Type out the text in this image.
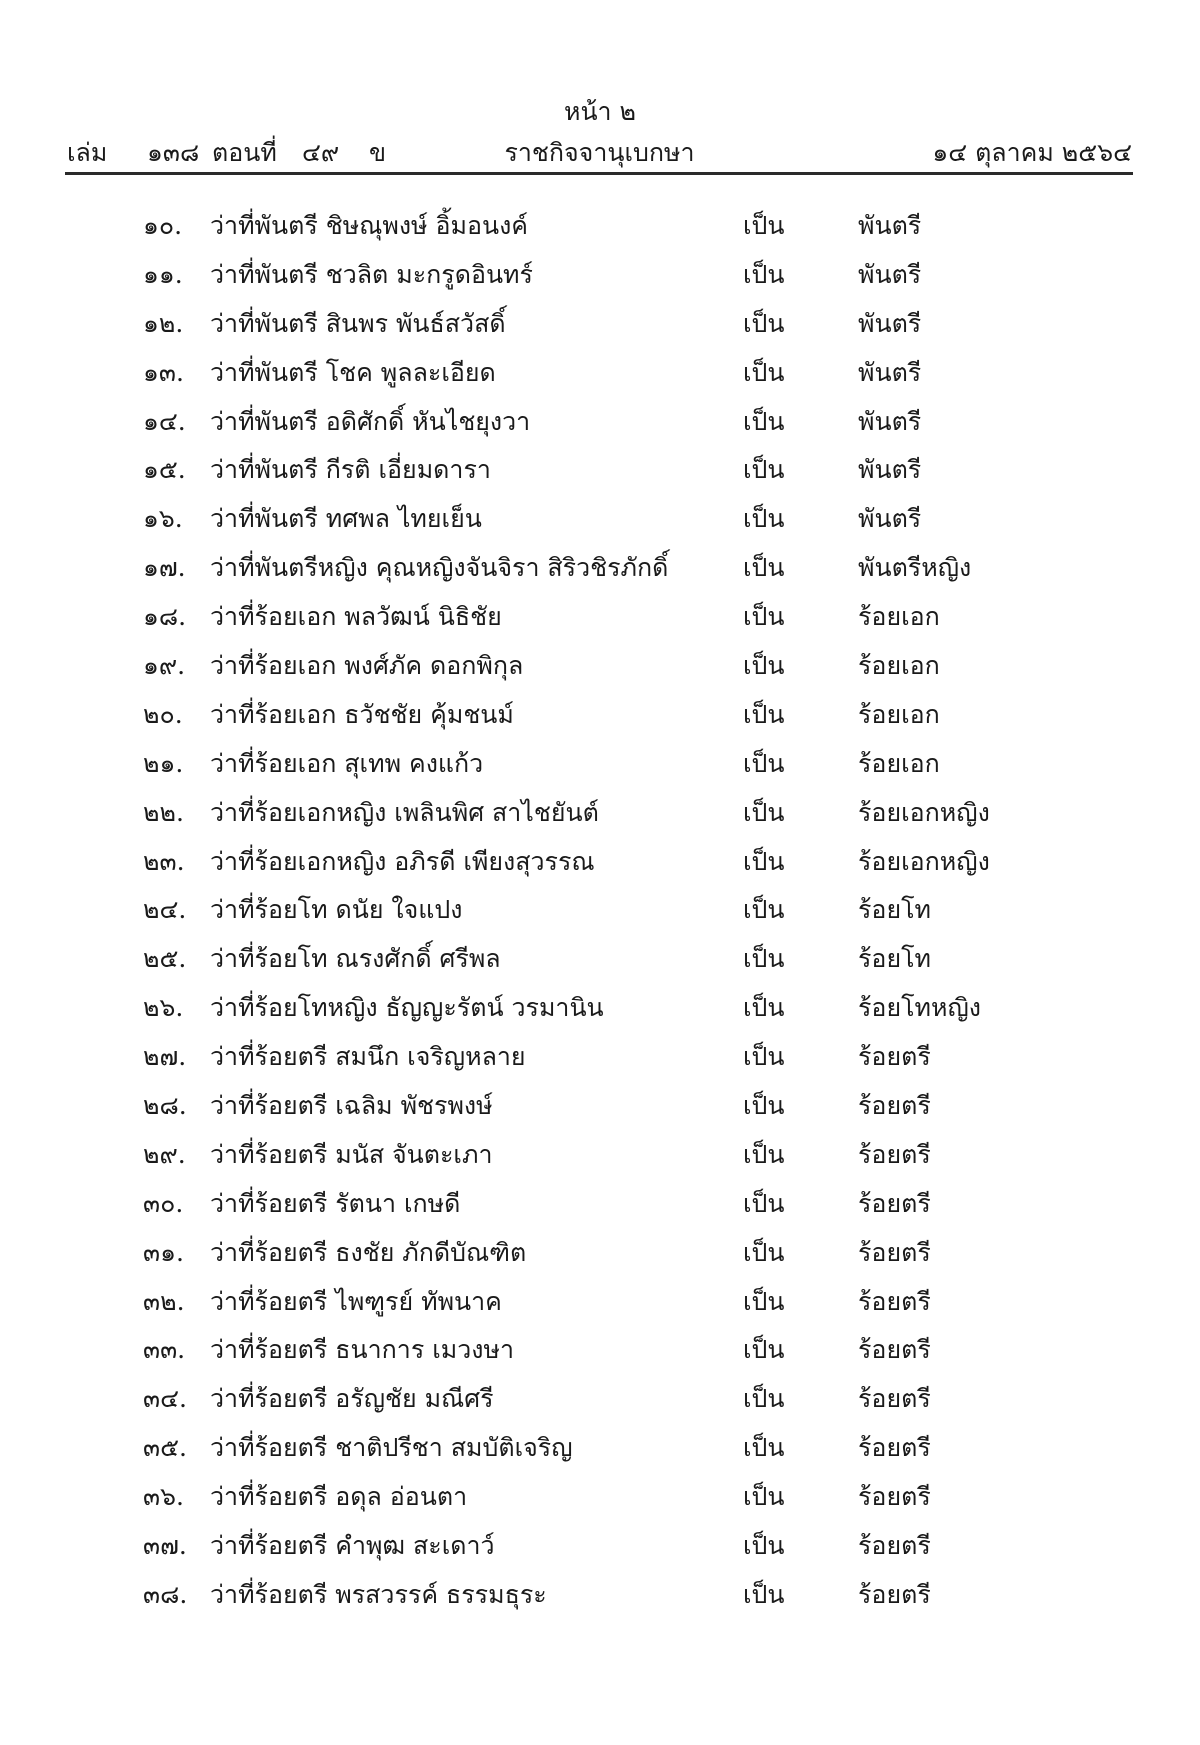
หน้า ๒
ราชกิจจานุเบกษา
เล่ม ๑๓๘ ตอนที่ ๔๙ ข	๑๔ ตุลาคม ๒๕๖๔
๑๐. ว่าที่พันตรี ชิษณุพงษ์ อิ้มอนงค์	เป็น	พันตรี
๑๑. ว่าที่พันตรี ชวลิต มะกรูดอินทร์	เป็น	พันตรี
๑๒. ว่าที่พันตรี สินพร พันธ์สวัสดิ์	เป็น	พันตรี
๑๓. ว่าที่พันตรี โชค พูลละเอียด	เป็น	พันตรี
๑๔. ว่าที่พันตรี อดิศักดิ์ หันไชยุงวา	เป็น	พันตรี
๑๕. ว่าที่พันตรี กีรติ เอี่ยมดารา	เป็น	พันตรี
๑๖. ว่าที่พันตรี ทศพล ไทยเย็น	เป็น	พันตรี
๑๗. ว่าที่พันตรีหญิง คุณหญิงจันจิรา สิริวชิรภักดิ์	เป็น	พันตรีหญิง
๑๘. ว่าที่ร้อยเอก พลวัฒน์ นิธิชัย	เป็น	ร้อยเอก
๑๙. ว่าที่ร้อยเอก พงศ์ภัค ดอกพิกุล	เป็น	ร้อยเอก
๒๐. ว่าที่ร้อยเอก ธวัชชัย คุ้มชนม์	เป็น	ร้อยเอก
๒๑. ว่าที่ร้อยเอก สุเทพ คงแก้ว	เป็น	ร้อยเอก
๒๒. ว่าที่ร้อยเอกหญิง เพลินพิศ สาไชยันต์	เป็น	ร้อยเอกหญิง
๒๓. ว่าที่ร้อยเอกหญิง อภิรดี เพียงสุวรรณ	เป็น	ร้อยเอกหญิง
๒๔. ว่าที่ร้อยโท ดนัย ใจแปง	เป็น	ร้อยโท
๒๕. ว่าที่ร้อยโท ณรงศักดิ์ ศรีพล	เป็น	ร้อยโท
๒๖. ว่าที่ร้อยโทหญิง ธัญญะรัตน์ วรมานิน	เป็น	ร้อยโทหญิง
๒๗. ว่าที่ร้อยตรี สมนึก เจริญหลาย	เป็น	ร้อยตรี
๒๘. ว่าที่ร้อยตรี เฉลิม พัชรพงษ์	เป็น	ร้อยตรี
๒๙. ว่าที่ร้อยตรี มนัส จันตะเภา	เป็น	ร้อยตรี
๓๐. ว่าที่ร้อยตรี รัตนา เกษดี	เป็น	ร้อยตรี
๓๑. ว่าที่ร้อยตรี ธงชัย ภักดีบัณฑิต	เป็น	ร้อยตรี
๓๒. ว่าที่ร้อยตรี ไพฑูรย์ ทัพนาค	เป็น	ร้อยตรี
๓๓. ว่าที่ร้อยตรี ธนาการ เมวงษา	เป็น	ร้อยตรี
๓๔. ว่าที่ร้อยตรี อรัญชัย มณีศรี	เป็น	ร้อยตรี
๓๕. ว่าที่ร้อยตรี ชาติปรีชา สมบัติเจริญ	เป็น	ร้อยตรี
๓๖. ว่าที่ร้อยตรี อดุล อ่อนตา	เป็น	ร้อยตรี
๓๗. ว่าที่ร้อยตรี คำพุฒ สะเดาว์	เป็น	ร้อยตรี
๓๘. ว่าที่ร้อยตรี พรสวรรค์ ธรรมธุระ	เป็น	ร้อยตรี
